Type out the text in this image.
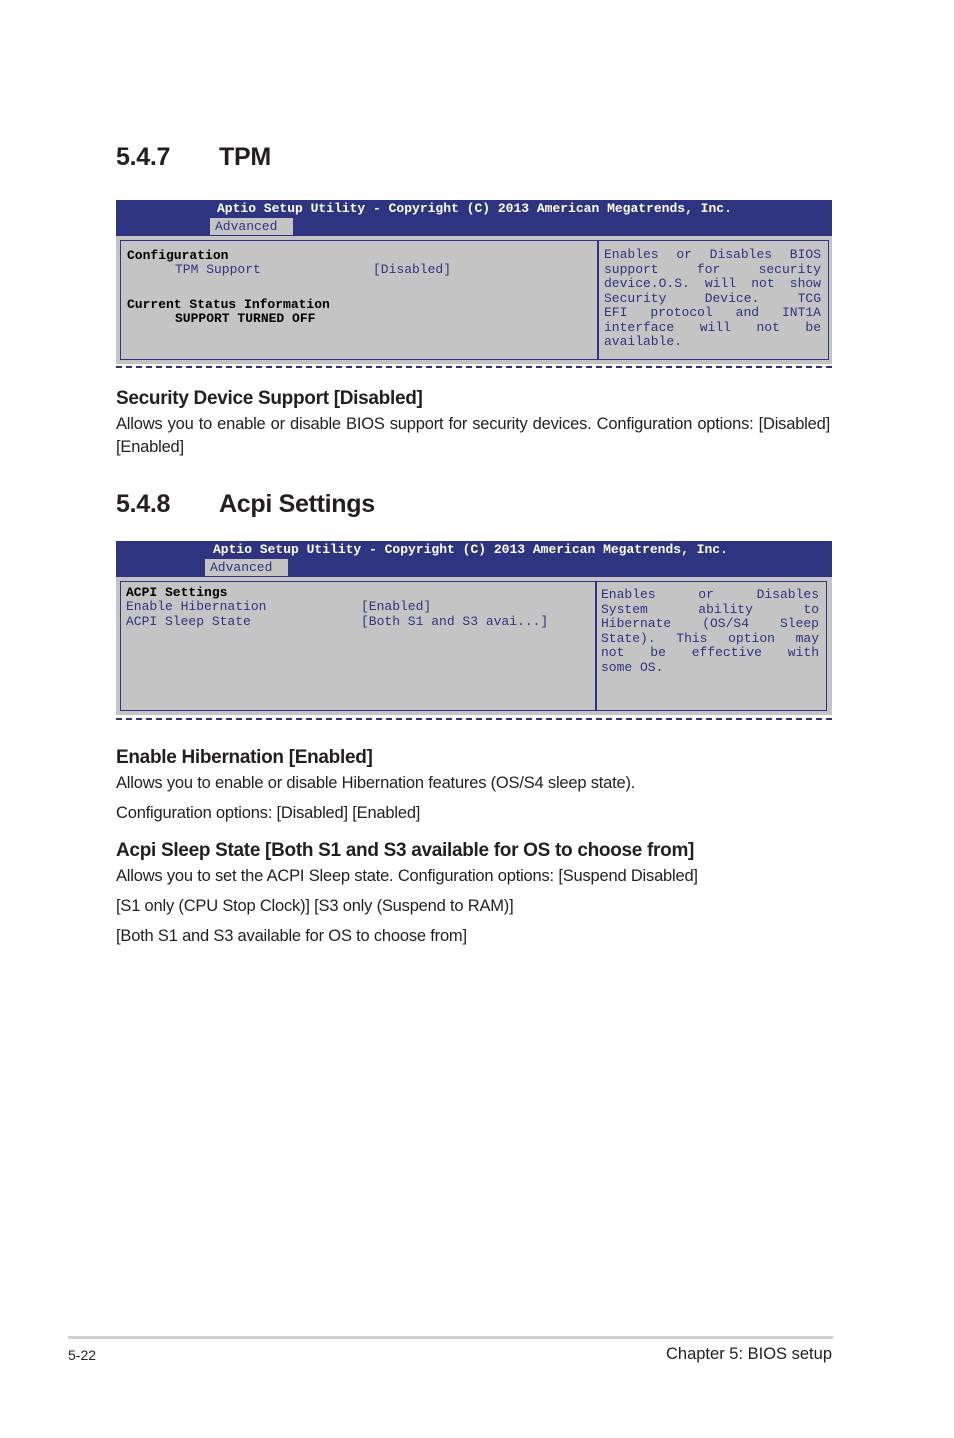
5.4.7 TPM
Aptio Setup Utility - Copyright (C) 2013 American Megatrends, Inc.
Advanced
Configuration
TPM Support	[Disabled]
Current Status Information
SUPPORT TURNED OFF
Enables or Disables BIOS
support for security
device.O.S. will not show
Security Device. TCG
EFI protocol and INT1A
interface will not be
available.
Security Device Support [Disabled]

Allows you to enable or disable BIOS support for security devices. Configuration options: [Disabled] [Enabled]

5.4.8 Acpi Settings
Aptio Setup Utility - Copyright (C) 2013 American Megatrends, Inc.
Advanced
ACPI Settings
Enable Hibernation	[Enabled]
ACPI Sleep State	[Both S1 and S3 avai...]
Enables or Disables
System ability to
Hibernate (OS/S4 Sleep
State). This option may
not be effective with
some OS.
Enable Hibernation [Enabled]

Allows you to enable or disable Hibernation features (OS/S4 sleep state).

Configuration options: [Disabled] [Enabled]

Acpi Sleep State [Both S1 and S3 available for OS to choose from]

Allows you to set the ACPI Sleep state. Configuration options: [Suspend Disabled]

[S1 only (CPU Stop Clock)] [S3 only (Suspend to RAM)]

[Both S1 and S3 available for OS to choose from]

5-22	Chapter 5: BIOS setup
